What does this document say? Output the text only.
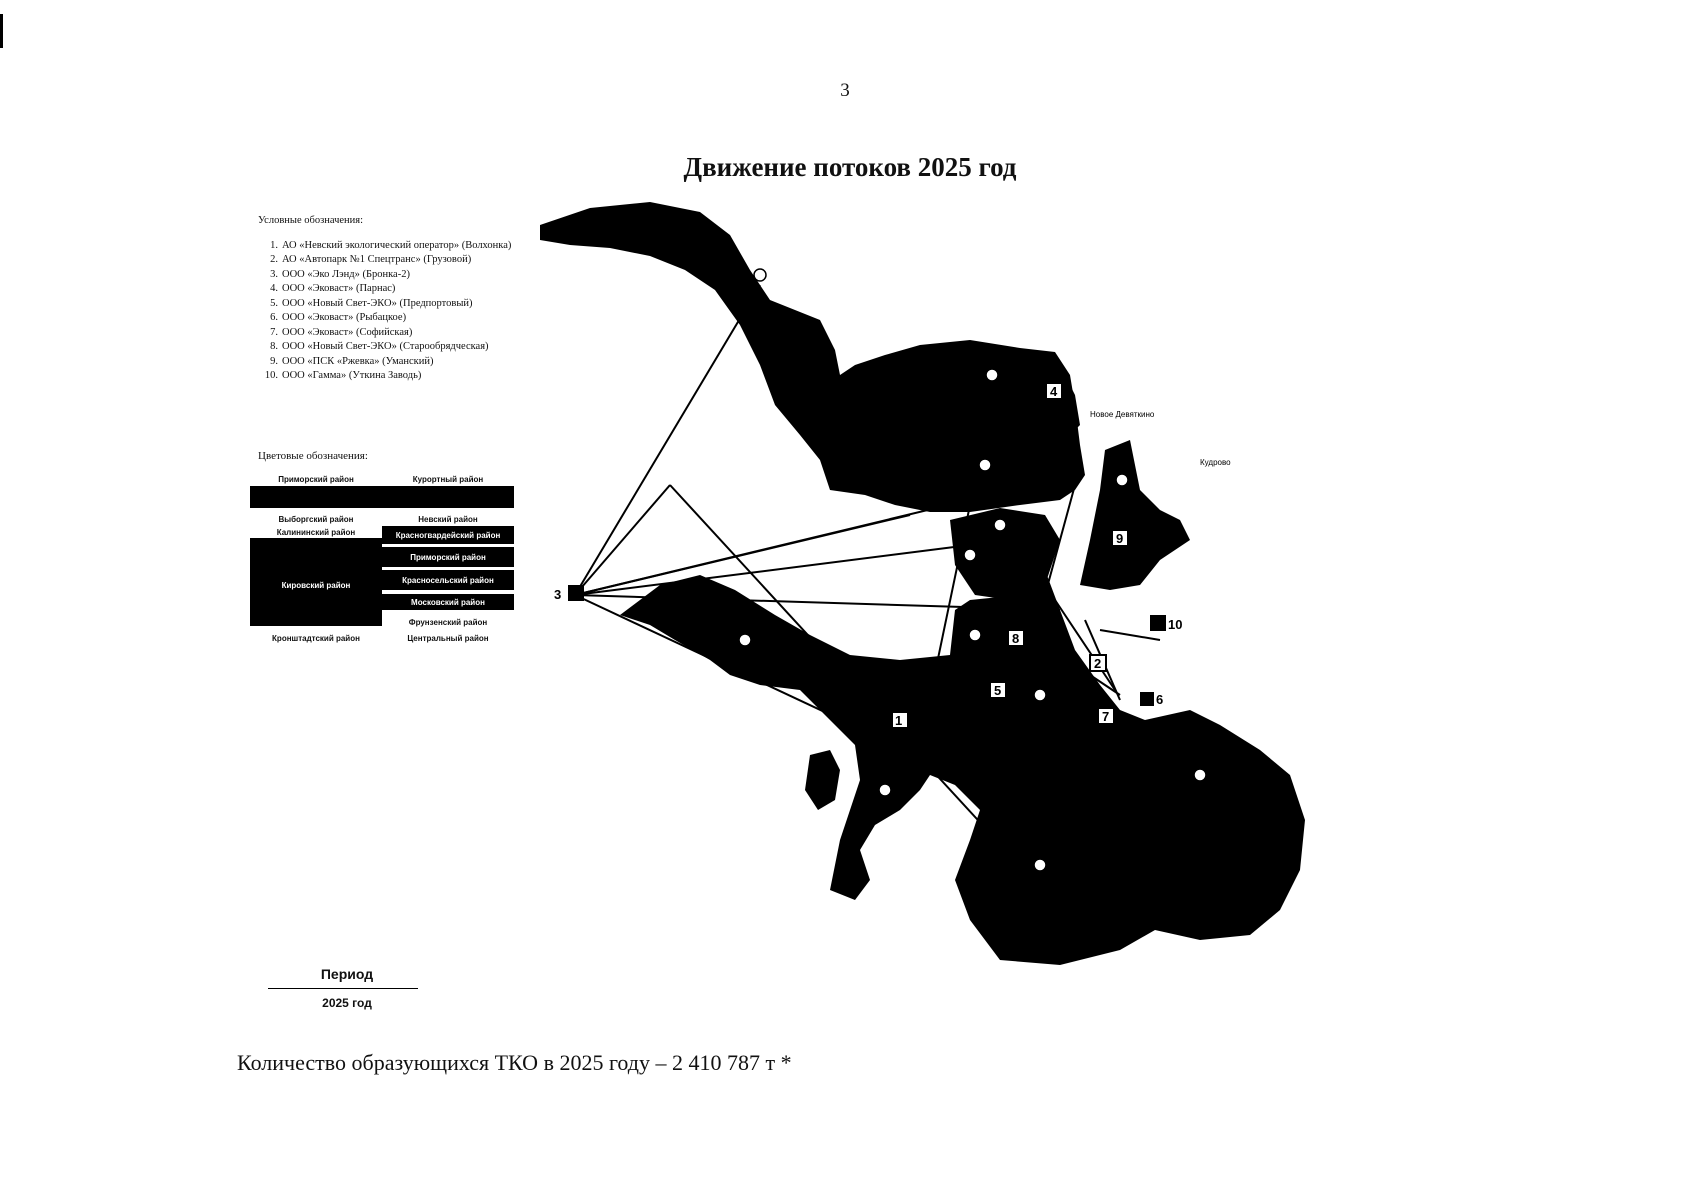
3
Движение потоков 2025 год
Условные обозначения:
1. АО «Невский экологический оператор» (Волхонка)
2. АО «Автопарк №1 Спецтранс» (Грузовой)
3. ООО «Эко Лэнд» (Бронка-2)
4. ООО «Эковаст» (Парнас)
5. ООО «Новый Свет-ЭКО» (Предпортовый)
6. ООО «Эковаст» (Рыбацкое)
7. ООО «Эковаст» (Софийская)
8. ООО «Новый Свет-ЭКО» (Старообрядческая)
9. ООО «ПСК «Ржевка» (Уманский)
10. ООО «Гамма» (Уткина Заводь)
Цветовые обозначения:
Приморский район	Курортный район
Выборгский район	Невский район
Калининский район	Красногвардейский район
Приморский район
Кировский район
Красносельский район
Московский район
Фрунзенский район
Кронштадтский район	Центральный район
1
2
3
4
5
6
7
8
9
10
Новое Девяткино
Кудрово
Период
2025 год
Количество образующихся ТКО в 2025 году – 2 410 787 т *
